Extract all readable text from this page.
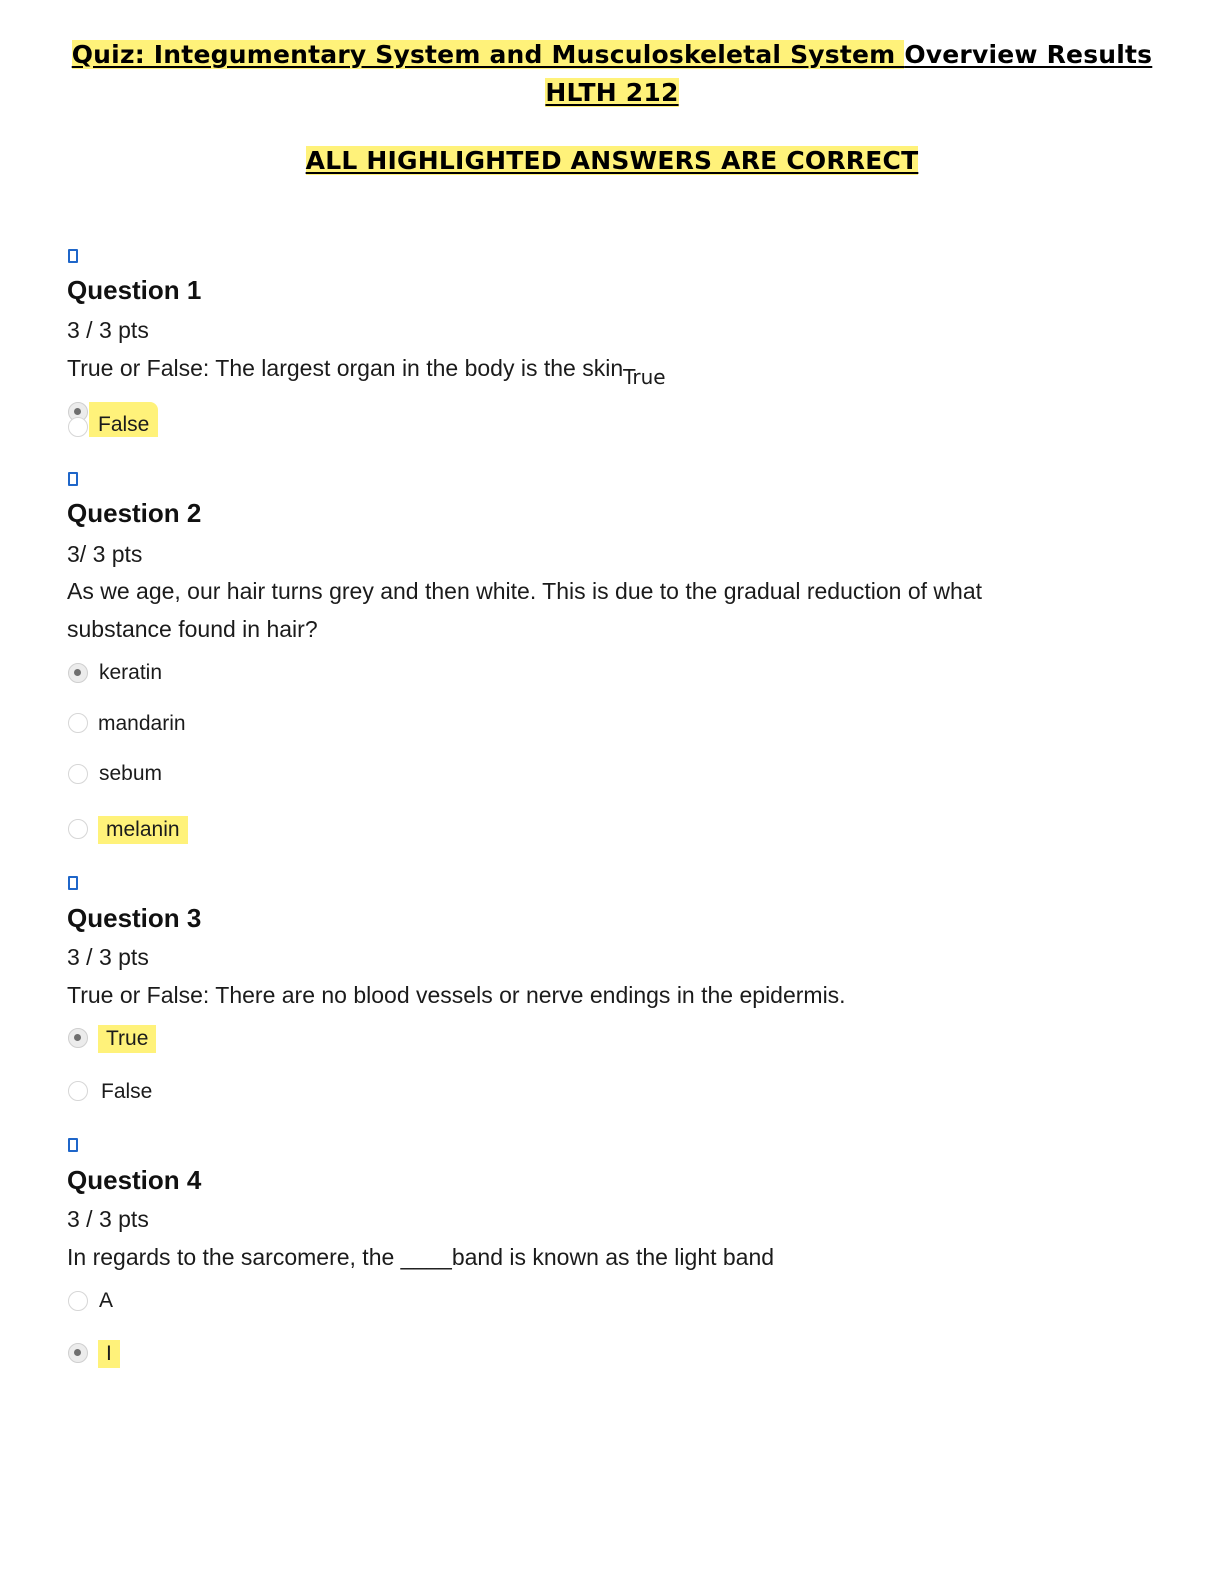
Quiz: Integumentary System and Musculoskeletal System Overview Results
HLTH 212
ALL HIGHLIGHTED ANSWERS ARE CORRECT
Question 1
3 / 3 pts
True or False: The largest organ in the body is the skinTrue
False
Question 2
3/ 3 pts
As we age, our hair turns grey and then white. This is due to the gradual reduction of what substance found in hair?
keratin
mandarin
sebum
melanin
Question 3
3 / 3 pts
True or False: There are no blood vessels or nerve endings in the epidermis.
True
False
Question 4
3 / 3 pts
In regards to the sarcomere, the ____band is known as the light band
A
I
